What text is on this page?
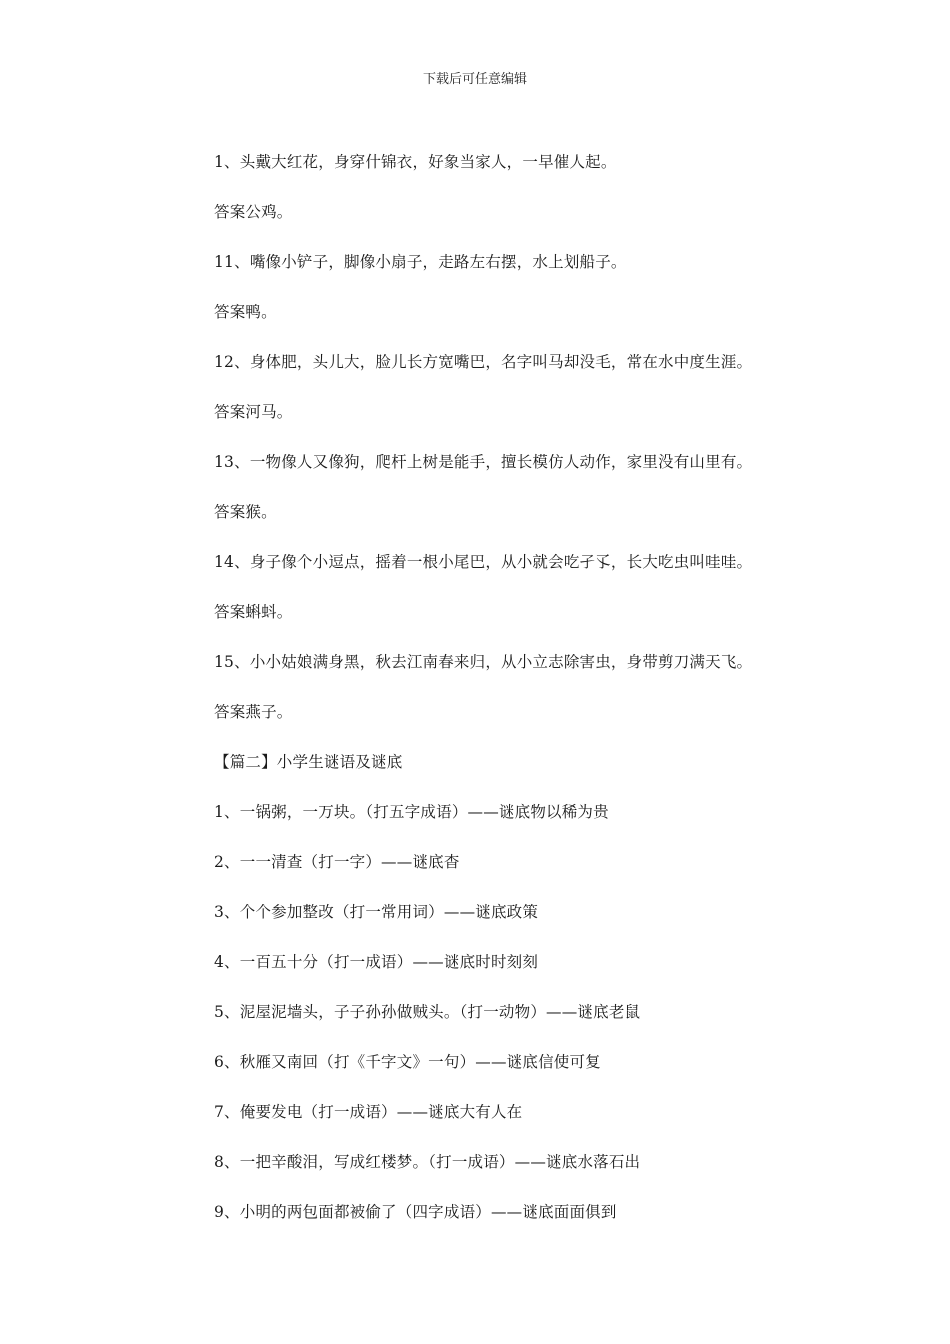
下载后可任意编辑
1、头戴大红花，身穿什锦衣，好象当家人，一早催人起。
答案公鸡。
11、嘴像小铲子，脚像小扇子，走路左右摆，水上划船子。
答案鸭。
12、身体肥，头儿大，脸儿长方宽嘴巴，名字叫马却没毛，常在水中度生涯。
答案河马。
13、一物像人又像狗，爬杆上树是能手，擅长模仿人动作，家里没有山里有。
答案猴。
14、身子像个小逗点，摇着一根小尾巴，从小就会吃孑孓，长大吃虫叫哇哇。
答案蝌蚪。
15、小小姑娘满身黑，秋去江南春来归，从小立志除害虫，身带剪刀满天飞。
答案燕子。
【篇二】小学生谜语及谜底
1、一锅粥，一万块。（打五字成语）——谜底物以稀为贵
2、一一清查（打一字）——谜底杳
3、个个参加整改（打一常用词）——谜底政策
4、一百五十分（打一成语）——谜底时时刻刻
5、泥屋泥墙头，子子孙孙做贼头。（打一动物）——谜底老鼠
6、秋雁又南回（打《千字文》一句）——谜底信使可复
7、俺要发电（打一成语）——谜底大有人在
8、一把辛酸泪，写成红楼梦。（打一成语）——谜底水落石出
9、小明的两包面都被偷了（四字成语）——谜底面面俱到
